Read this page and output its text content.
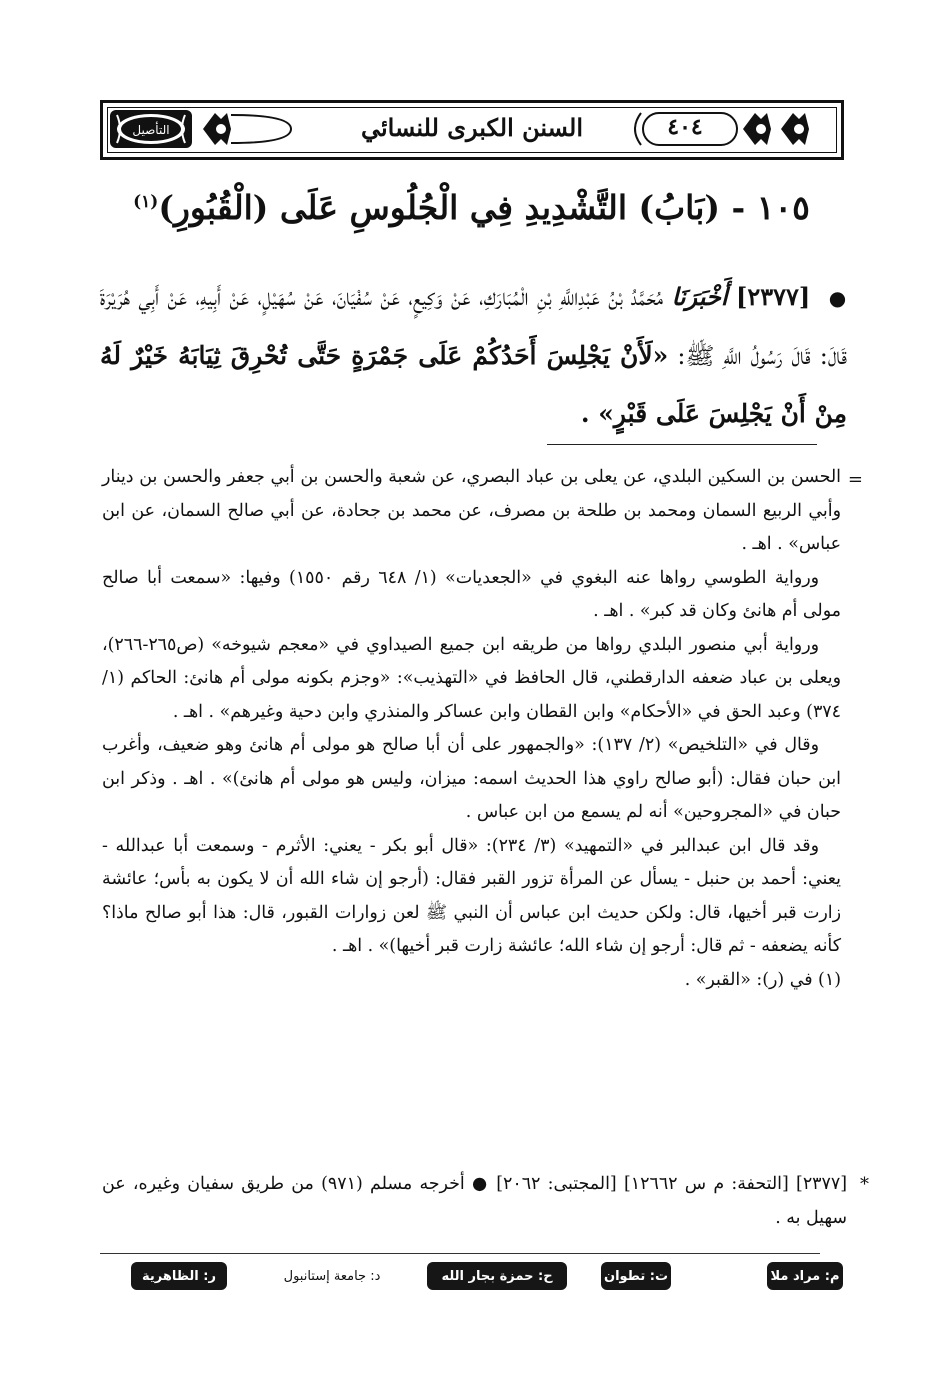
التأصيل	السنن الكبرى للنسائي	٤٠٤
١٠٥ - (بَابُ) التَّشْدِيدِ فِي الْجُلُوسِ عَلَى (الْقُبُورِ)$^{(١)}$
● [٢٣٧٧] أَخْبَرَنَا مُحَمَّدُ بْنُ عَبْدِاللَّهِ بْنِ الْمُبَارَكِ، عَنْ وَكِيعٍ، عَنْ سُفْيَانَ، عَنْ سُهَيْلٍ، عَنْ أَبِيهِ، عَنْ أَبِي هُرَيْرَةَ قَالَ: قَالَ رَسُولُ اللَّهِ ﷺ: «لَأَنْ يَجْلِسَ أَحَدُكُمْ عَلَى جَمْرَةٍ حَتَّى تُحْرِقَ ثِيَابَهُ خَيْرٌ لَهُ مِنْ أَنْ يَجْلِسَ عَلَى قَبْرٍ» .
=

الحسن بن السكين البلدي، عن يعلى بن عباد البصري، عن شعبة والحسن بن أبي جعفر والحسن بن دينار وأبي الربيع السمان ومحمد بن طلحة بن مصرف، عن محمد بن جحادة، عن أبي صالح السمان، عن ابن عباس» . اهـ .

ورواية الطوسي رواها عنه البغوي في «الجعديات» (١/ ٦٤٨ رقم ١٥٥٠) وفيها: «سمعت أبا صالح مولى أم هانئ وكان قد كبر» . اهـ .

ورواية أبي منصور البلدي رواها من طريقه ابن جميع الصيداوي في «معجم شيوخه» (ص٢٦٥-٢٦٦)، ويعلى بن عباد ضعفه الدارقطني، قال الحافظ في «التهذيب»: «وجزم بكونه مولى أم هانئ: الحاكم (١/ ٣٧٤) وعبد الحق في «الأحكام» وابن القطان وابن عساكر والمنذري وابن دحية وغيرهم» . اهـ .

وقال في «التلخيص» (٢/ ١٣٧): «والجمهور على أن أبا صالح هو مولى أم هانئ وهو ضعيف، وأغرب ابن حبان فقال: (أبو صالح راوي هذا الحديث اسمه: ميزان، وليس هو مولى أم هانئ)» . اهـ . وذكر ابن حبان في «المجروحين» أنه لم يسمع من ابن عباس .

وقد قال ابن عبدالبر في «التمهيد» (٣/ ٢٣٤): «قال أبو بكر - يعني: الأثرم - وسمعت أبا عبدالله - يعني: أحمد بن حنبل - يسأل عن المرأة تزور القبر فقال: (أرجو إن شاء الله أن لا يكون به بأس؛ عائشة زارت قبر أخيها، قال: ولكن حديث ابن عباس أن النبي ﷺ لعن زوارات القبور، قال: هذا أبو صالح ماذا؟ كأنه يضعفه - ثم قال: أرجو إن شاء الله؛ عائشة زارت قبر أخيها)» . اهـ .

(١) في (ر): «القبر» .

*
[٢٣٧٧] [التحفة: م س ١٢٦٦٢] [المجتبى: ٢٠٦٢] ● أخرجه مسلم (٩٧١) من طريق سفيان وغيره، عن سهيل به .
م: مراد ملا
ت: تطوان
ح: حمزة بجار الله
د: جامعة إستانبول
ر: الظاهرية
